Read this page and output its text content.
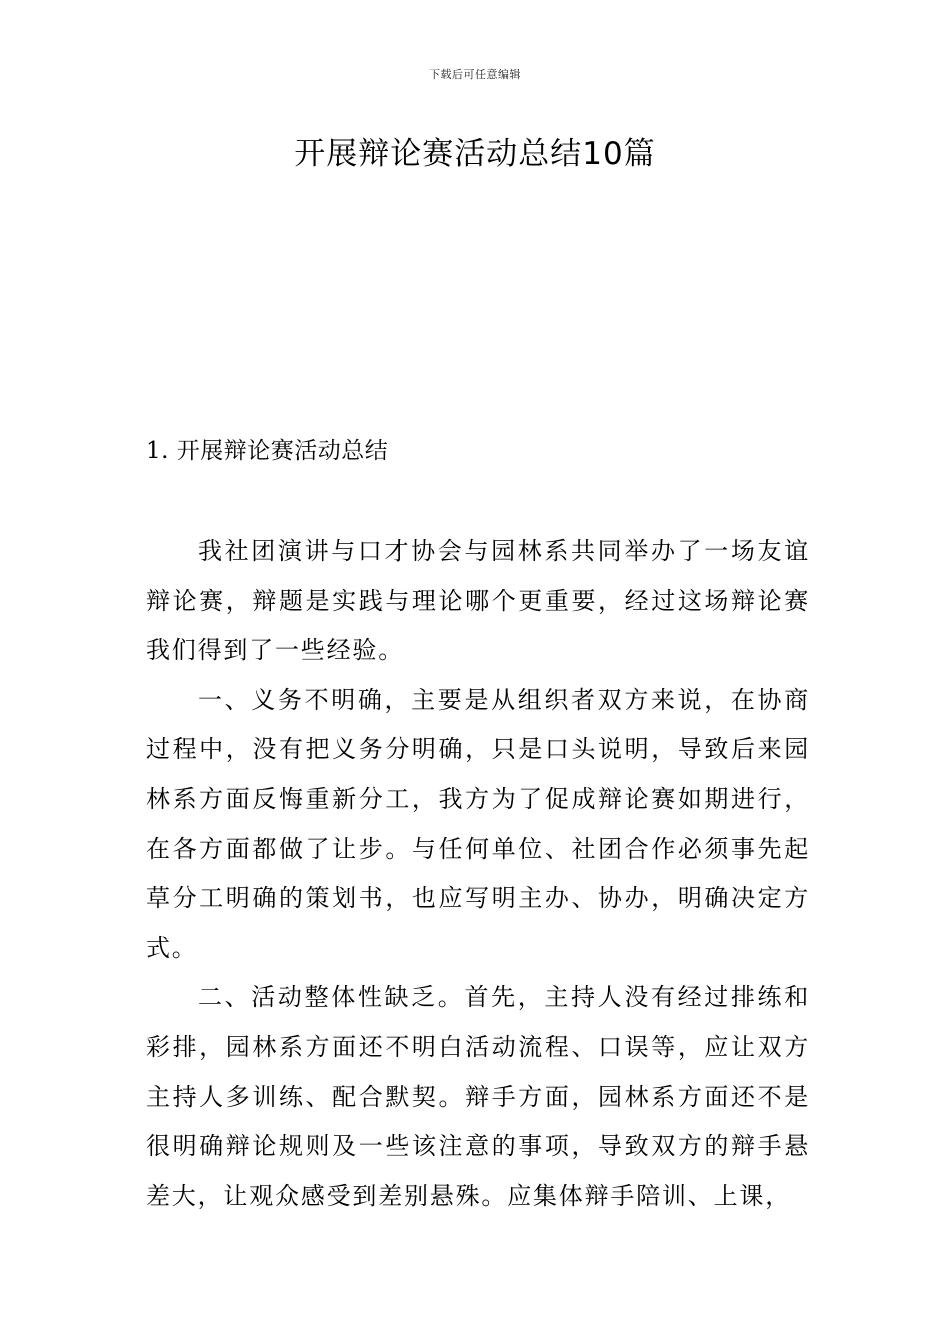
下载后可任意编辑
开展辩论赛活动总结10篇
1. 开展辩论赛活动总结

我社团演讲与口才协会与园林系共同举办了一场友谊辩论赛，辩题是实践与理论哪个更重要，经过这场辩论赛我们得到了一些经验。

一、义务不明确，主要是从组织者双方来说，在协商过程中，没有把义务分明确，只是口头说明，导致后来园林系方面反悔重新分工，我方为了促成辩论赛如期进行，在各方面都做了让步。与任何单位、社团合作必须事先起草分工明确的策划书，也应写明主办、协办，明确决定方式。

二、活动整体性缺乏。首先，主持人没有经过排练和彩排，园林系方面还不明白活动流程、口误等，应让双方主持人多训练、配合默契。辩手方面，园林系方面还不是很明确辩论规则及一些该注意的事项，导致双方的辩手悬差大，让观众感受到差别悬殊。应集体辩手陪训、上课，
